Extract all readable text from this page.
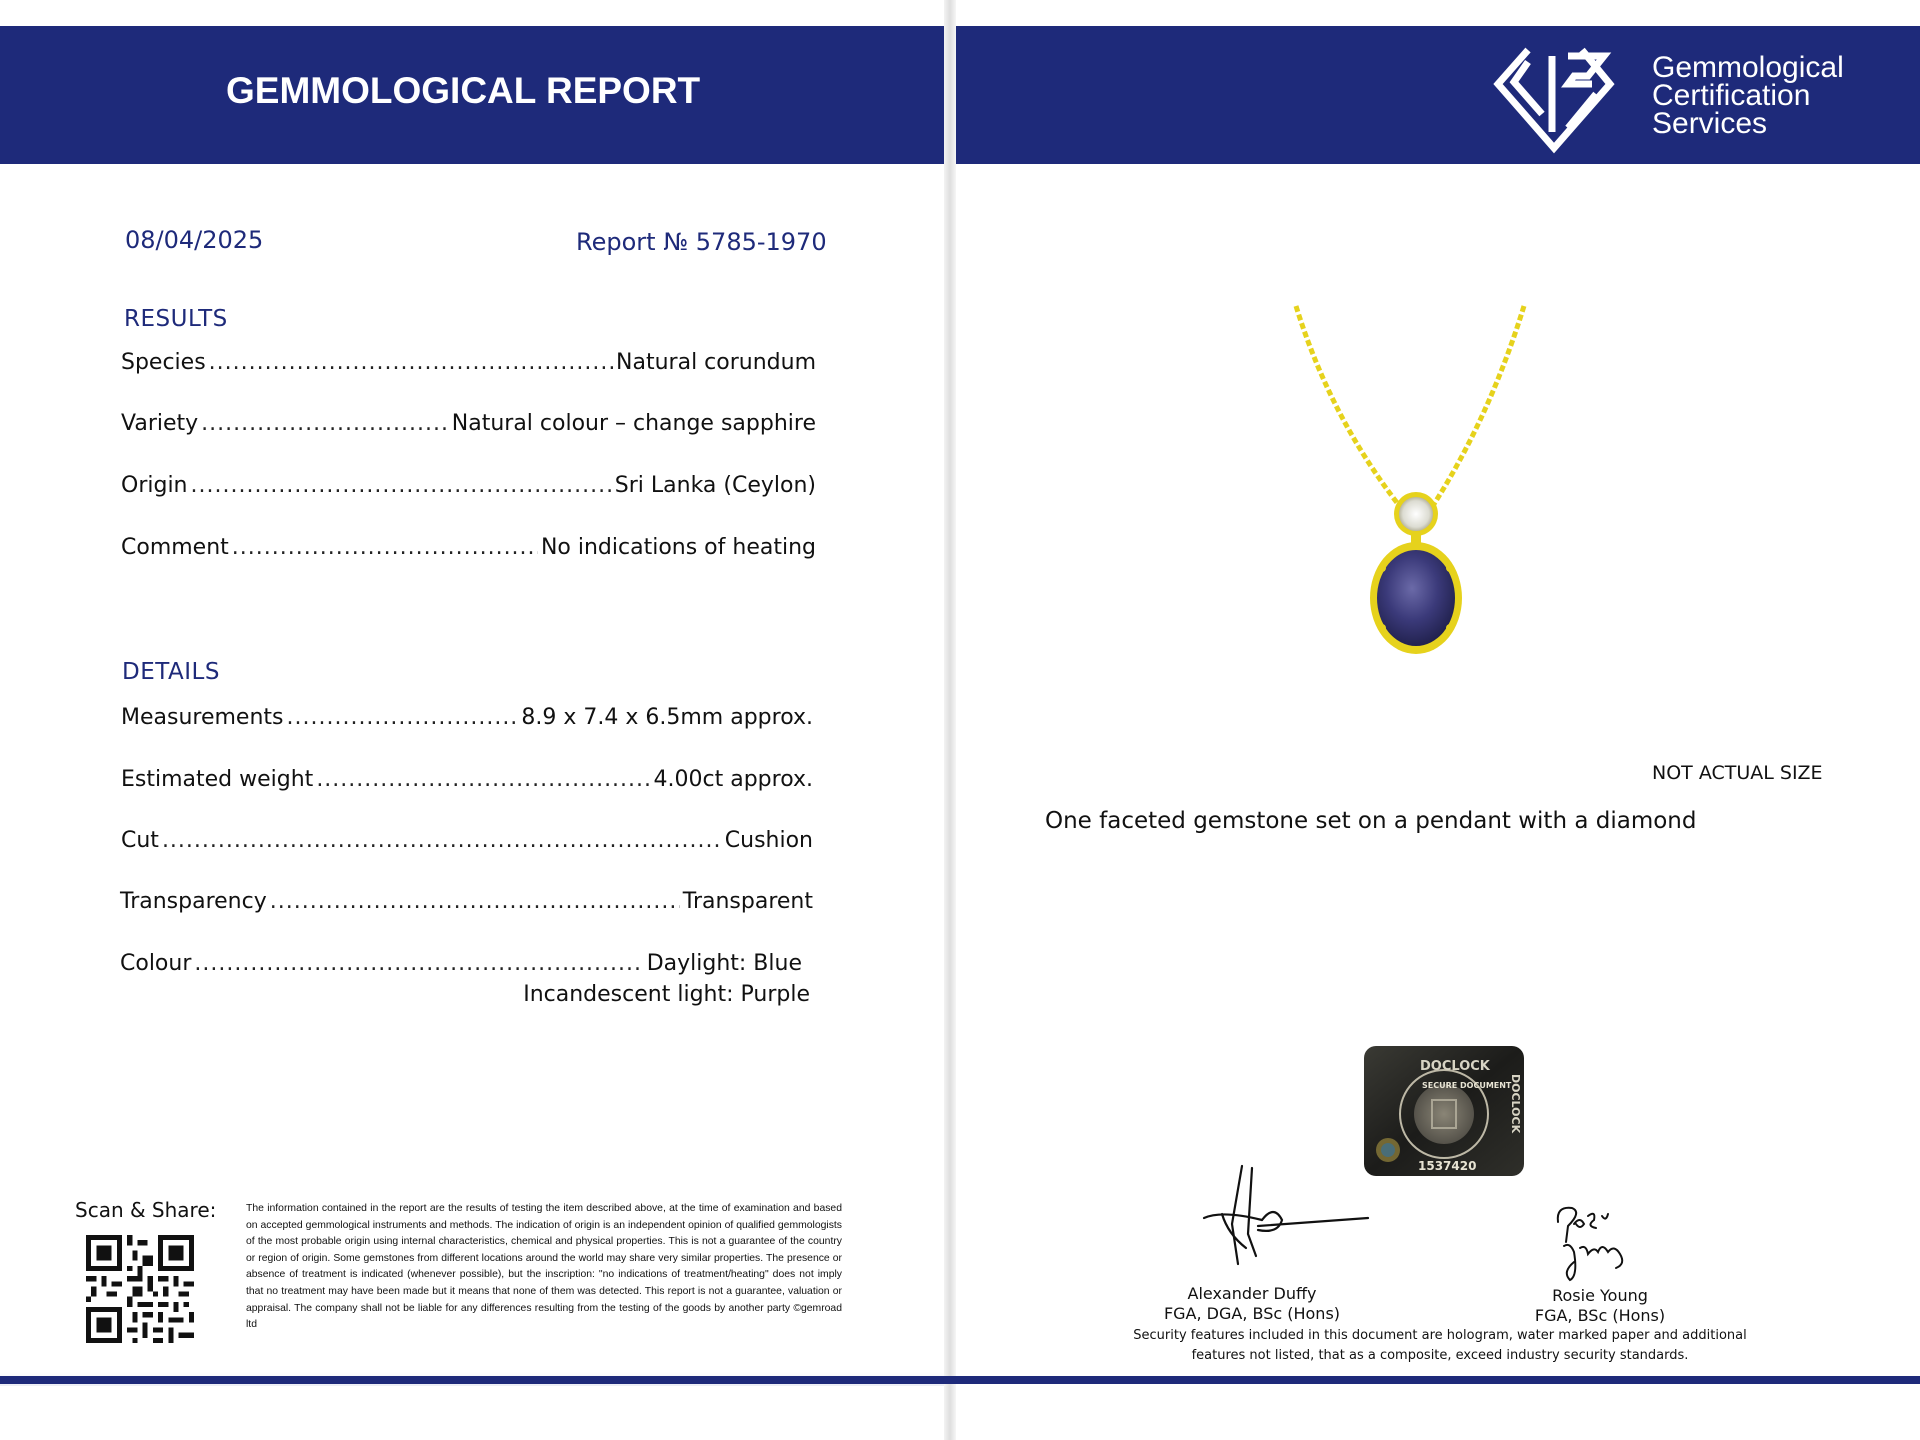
GEMMOLOGICAL REPORT
Gemmological
Certification
Services
08/04/2025	Report № 5785-1970
RESULTS
Species .....	Natural corundum
Variety .....	Natural colour – change sapphire
Origin .....	Sri Lanka (Ceylon)
Comment .....	No indications of heating
DETAILS
Measurements .....	8.9 x 7.4 x 6.5mm approx.
Estimated weight .....	4.00ct approx.
Cut .....	Cushion
Transparency .....	Transparent
Colour .....	Daylight: Blue
Incandescent light: Purple
Scan & Share:	The information contained in the report are the results of testing the item described above, at the time of examination and based on accepted gemmological instruments and methods. The indication of origin is an independent opinion of qualified gemmologists of the most probable origin using internal characteristics, chemical and physical properties. This is not a guarantee of the country or region of origin. Some gemstones from different locations around the world may share very similar properties. The presence or absence of treatment is indicated (whenever possible), but the inscription: "no indications of treatment/heating" does not imply that no treatment may have been made but it means that none of them was detected. This report is not a guarantee, valuation or appraisal. The company shall not be liable for any differences resulting from the testing of the goods by another party ©gemroad ltd
NOT ACTUAL SIZE
One faceted gemstone set on a pendant with a diamond
DOCLOCK
SECURE DOCUMENT
DOCLOCK
1537420
Alexander Duffy
FGA, DGA, BSc (Hons)
Rosie Young
FGA, BSc (Hons)
Security features included in this document are hologram, water marked paper and additional features not listed, that as a composite, exceed industry security standards.
